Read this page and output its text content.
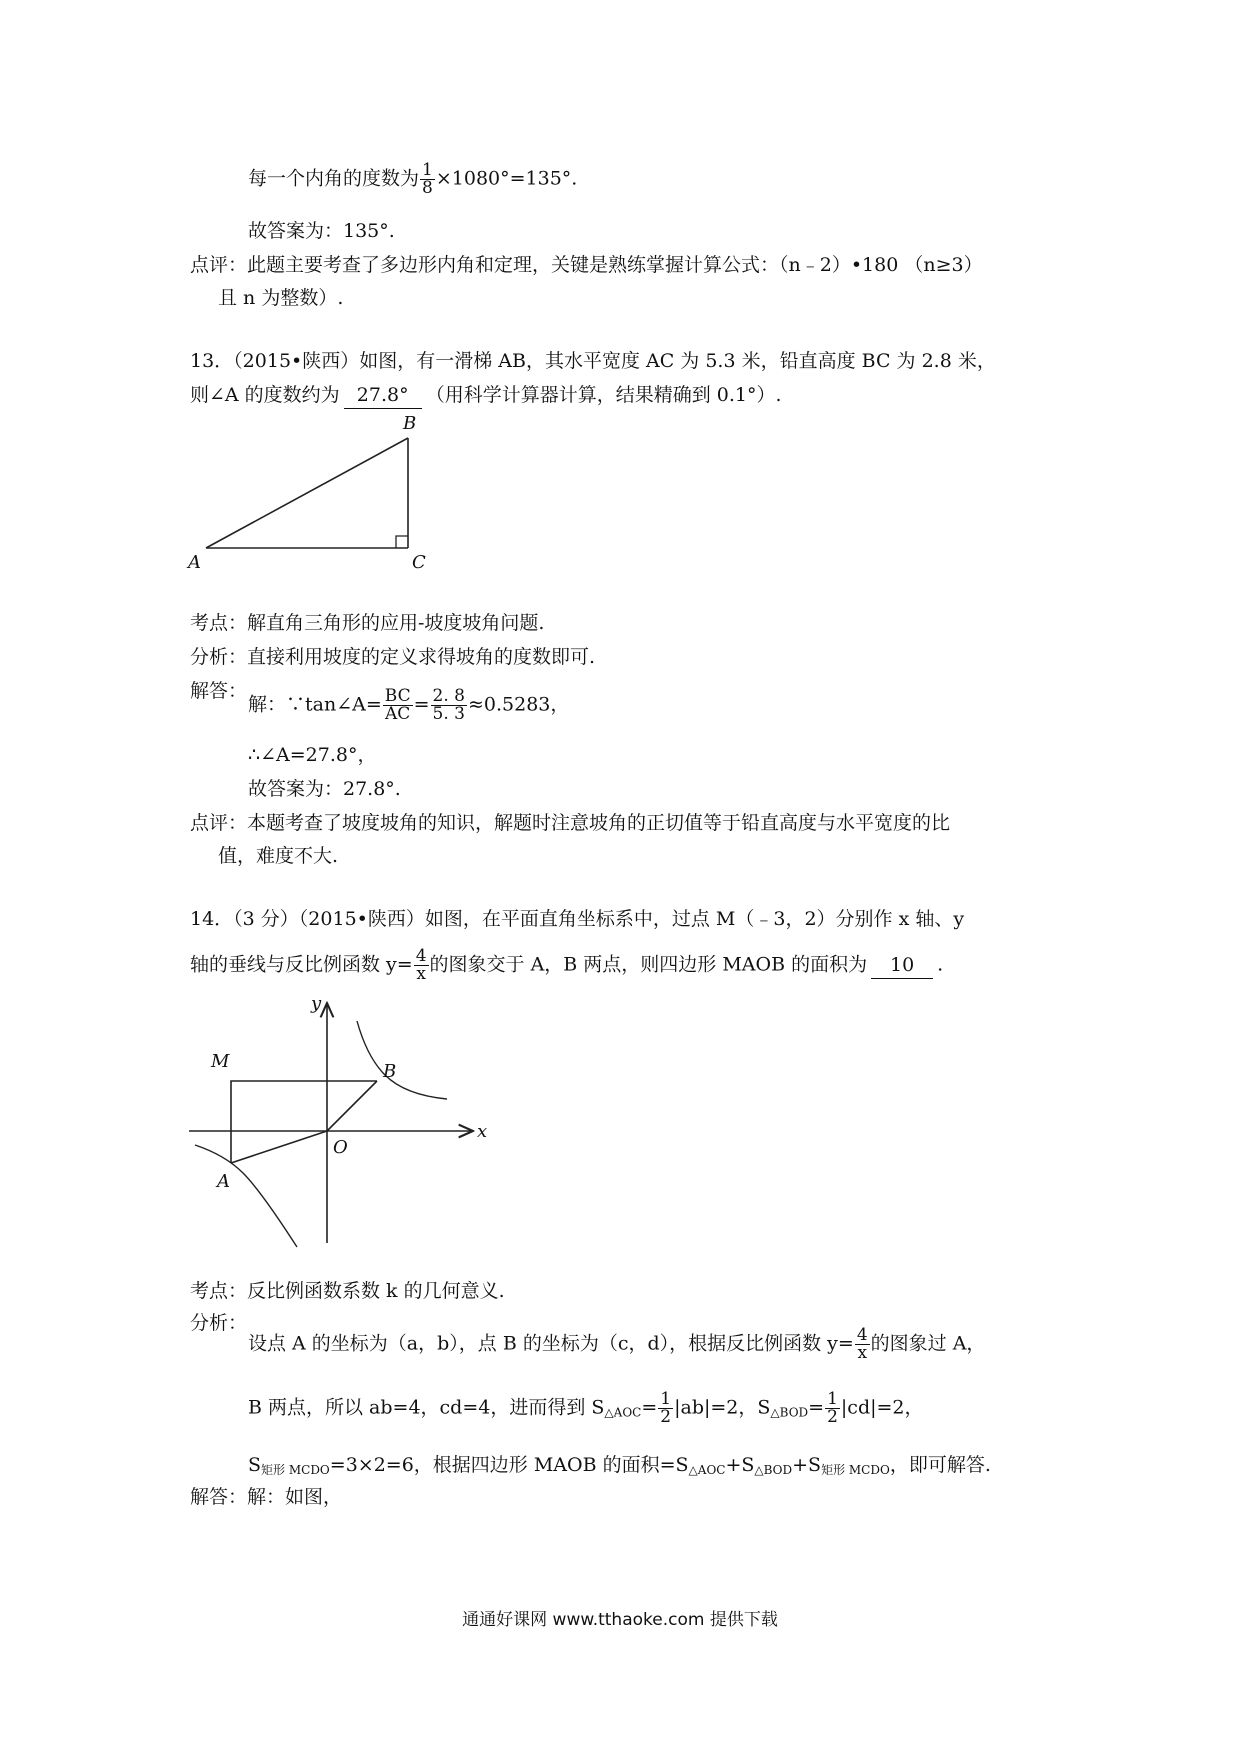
每一个内角的度数为 $\frac{1}{8} \times 1080^\circ=135^\circ$.
故答案为：135°.
点评：此题主要考查了多边形内角和定理，关键是熟练掌握计算公式：（n﹣2）•180 （n≥3）
且 n 为整数）.
13．（2015•陕西）如图，有一滑梯 AB，其水平宽度 AC 为 5.3 米，铅直高度 BC 为 2.8 米，
则∠A 的度数约为 27.8° （用科学计算器计算，结果精确到 0.1°）.
A
B
C
考点：解直角三角形的应用-坡度坡角问题.
分析：直接利用坡度的定义求得坡角的度数即可.
解答：
解：∵tan∠A= $\frac{BC}{AC} = \frac{2. 8}{5. 3} \approx 0.5283$，
∴∠A=27.8°，
故答案为：27.8°.
点评：本题考查了坡度坡角的知识，解题时注意坡角的正切值等于铅直高度与水平宽度的比
值，难度不大.
14．（3 分）（2015•陕西）如图，在平面直角坐标系中，过点 M（﹣3，2）分别作 x 轴、y
轴的垂线与反比例函数 $y= \frac{4}{x}$ 的图象交于 A，B 两点，则四边形 MAOB 的面积为 10 .
y
x
M	B
O
A
考点：反比例函数系数 k 的几何意义.
分析：
设点 A 的坐标为（a，b），点 B 的坐标为（c，d），根据反比例函数 $y= \frac{4}{x}$ 的图象过 A，
B 两点，所以 ab=4，cd=4，进而得到 $S_{\triangle AOC}= \frac{1}{2} |ab|=2$，$S_{\triangle BOD}= \frac{1}{2} |cd|=2$，
$S_{矩形 MCDO}=3\times 2=6$，根据四边形 MAOB 的面积$=S_{\triangle AOC}+S_{\triangle BOD}+S_{矩形 MCDO}$，即可解答.
解答：解：如图，
通通好课网 www.tthaoke.com 提供下载
